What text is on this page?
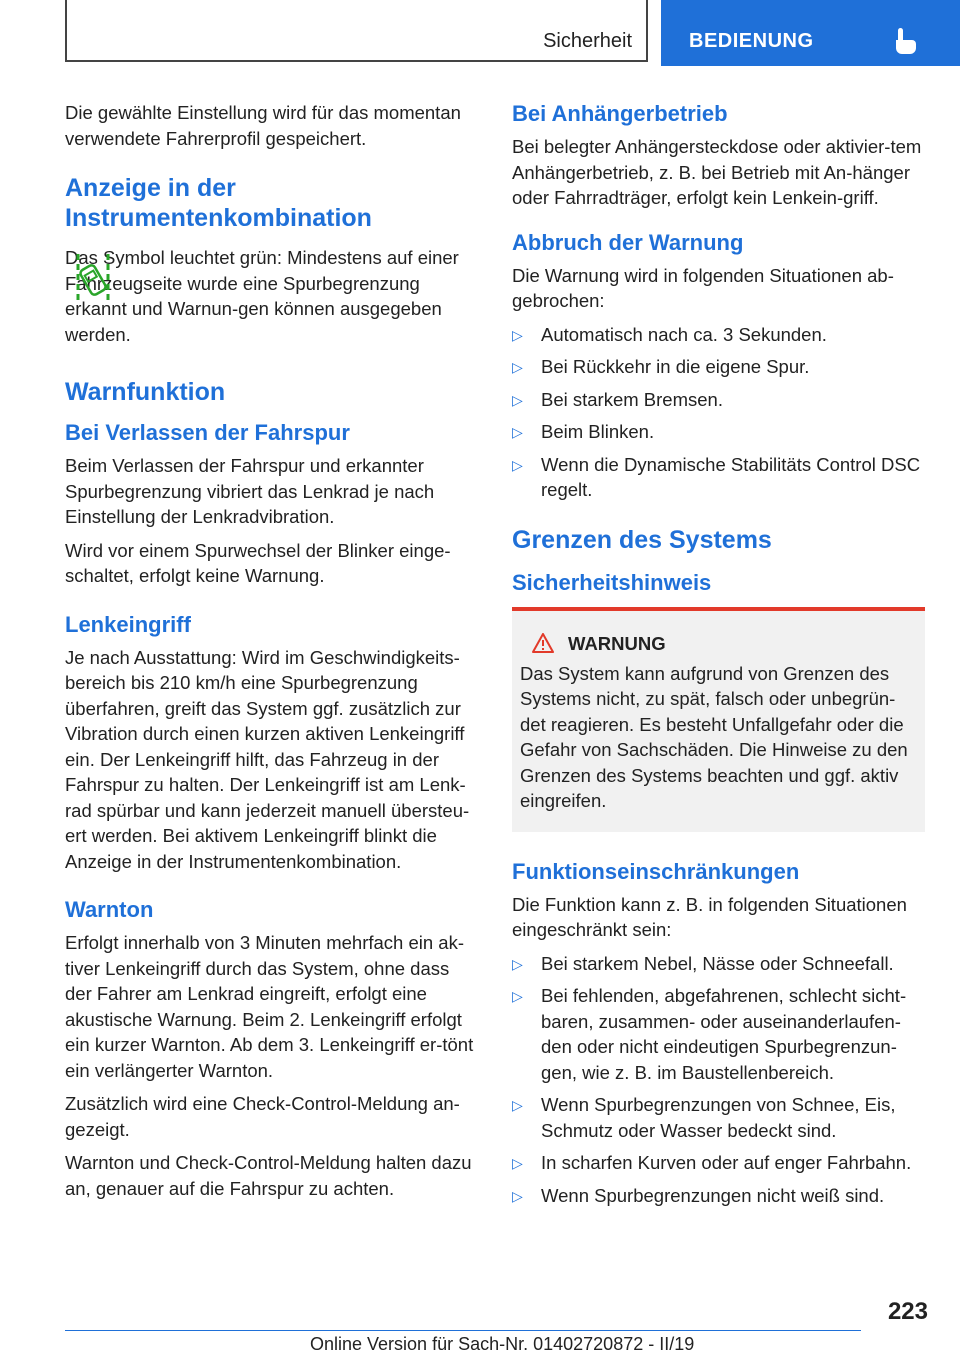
Sicherheit	BEDIENUNG

Die gewählte Einstellung wird für das momentan verwendete Fahrerprofil gespeichert.

Anzeige in der Instrumentenkombination

Das Symbol leuchtet grün: Mindestens auf einer Fahrzeugseite wurde eine Spurbegrenzung erkannt und Warnun-gen können ausgegeben werden.

Warnfunktion
Bei Verlassen der Fahrspur

Beim Verlassen der Fahrspur und erkannter Spurbegrenzung vibriert das Lenkrad je nach Einstellung der Lenkradvibration.

Wird vor einem Spurwechsel der Blinker einge-schaltet, erfolgt keine Warnung.

Lenkeingriff

Je nach Ausstattung: Wird im Geschwindigkeits-bereich bis 210 km/h eine Spurbegrenzung überfahren, greift das System ggf. zusätzlich zur Vibration durch einen kurzen aktiven Lenkeingriff ein. Der Lenkeingriff hilft, das Fahrzeug in der Fahrspur zu halten. Der Lenkeingriff ist am Lenk-rad spürbar und kann jederzeit manuell übersteu-ert werden. Bei aktivem Lenkeingriff blinkt die Anzeige in der Instrumentenkombination.

Warnton

Erfolgt innerhalb von 3 Minuten mehrfach ein ak-tiver Lenkeingriff durch das System, ohne dass der Fahrer am Lenkrad eingreift, erfolgt eine akustische Warnung. Beim 2. Lenkeingriff erfolgt ein kurzer Warnton. Ab dem 3. Lenkeingriff er-tönt ein verlängerter Warnton.

Zusätzlich wird eine Check-Control-Meldung an-gezeigt.

Warnton und Check-Control-Meldung halten dazu an, genauer auf die Fahrspur zu achten.

Bei Anhängerbetrieb

Bei belegter Anhängersteckdose oder aktivier-tem Anhängerbetrieb, z. B. bei Betrieb mit An-hänger oder Fahrradträger, erfolgt kein Lenkein-griff.

Abbruch der Warnung

Die Warnung wird in folgenden Situationen ab-gebrochen:

▷ Automatisch nach ca. 3 Sekunden.
▷ Bei Rückkehr in die eigene Spur.
▷ Bei starkem Bremsen.
▷ Beim Blinken.
▷ Wenn die Dynamische Stabilitäts Control DSC regelt.
Grenzen des Systems
Sicherheitshinweis
WARNUNG

Das System kann aufgrund von Grenzen des Systems nicht, zu spät, falsch oder unbegrün-det reagieren. Es besteht Unfallgefahr oder die Gefahr von Sachschäden. Die Hinweise zu den Grenzen des Systems beachten und ggf. aktiv eingreifen.

Funktionseinschränkungen

Die Funktion kann z. B. in folgenden Situationen eingeschränkt sein:

▷ Bei starkem Nebel, Nässe oder Schneefall.
▷ Bei fehlenden, abgefahrenen, schlecht sicht-baren, zusammen- oder auseinanderlaufen-den oder nicht eindeutigen Spurbegrenzun-gen, wie z. B. im Baustellenbereich.
▷ Wenn Spurbegrenzungen von Schnee, Eis, Schmutz oder Wasser bedeckt sind.
▷ In scharfen Kurven oder auf enger Fahrbahn.
▷ Wenn Spurbegrenzungen nicht weiß sind.
223
Online Version für Sach-Nr. 01402720872 - II/19
